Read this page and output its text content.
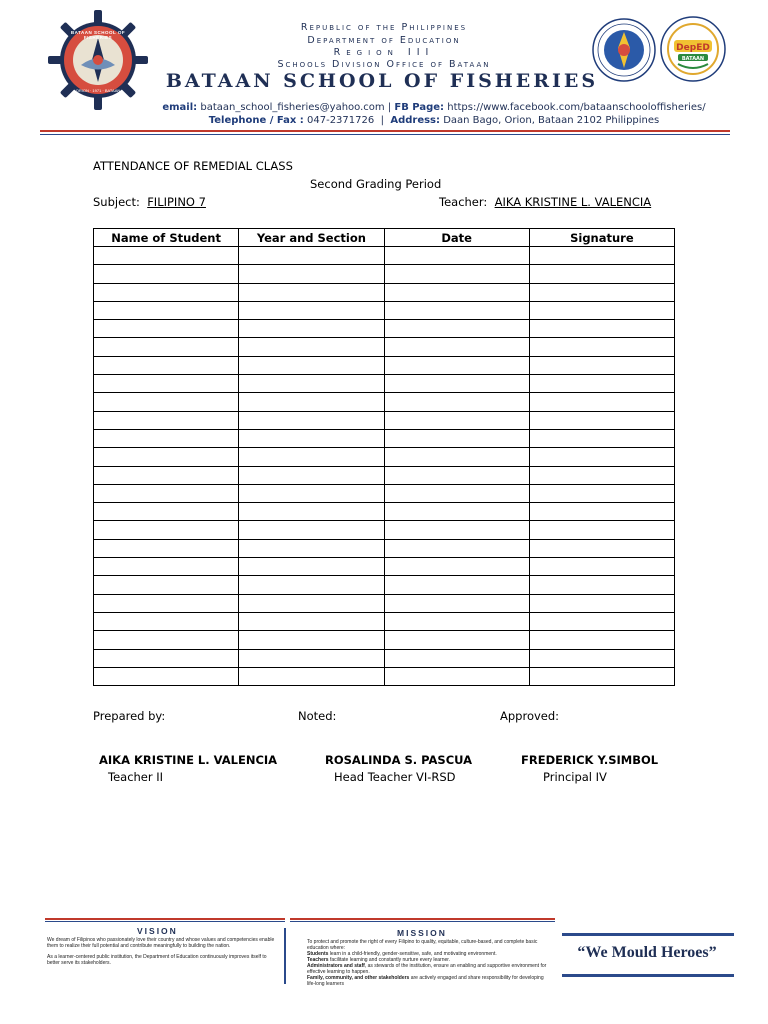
BATAAN SCHOOL OF FISHERIES
ORION · 1971 · BATAAN
DepED
BATAAN
Republic of the Philippines
Department of Education
Region III
Schools Division Office of Bataan
BATAAN SCHOOL OF FISHERIES
email: bataan_school_fisheries@yahoo.com | FB Page: https://www.facebook.com/bataanschooloffisheries/
Telephone / Fax : 047-2371726  |  Address: Daan Bago, Orion, Bataan 2102 Philippines
ATTENDANCE OF REMEDIAL CLASS
Second Grading Period
Subject: FILIPINO 7	Teacher: AIKA KRISTINE L. VALENCIA
Name of Student	Year and Section	Date	Signature

Prepared by:	Noted:	Approved:
AIKA KRISTINE L. VALENCIA
Teacher II
ROSALINDA S. PASCUA
Head Teacher VI-RSD
FREDERICK Y.SIMBOL
Principal IV
VISION
We dream of Filipinos who passionately love their country and whose values and competencies enable them to realize their full potential and contribute meaningfully to building the nation.
As a learner-centered public institution, the Department of Education continuously improves itself to better serve its stakeholders.
MISSION
To protect and promote the right of every Filipino to quality, equitable, culture-based, and complete basic education where:
Students learn in a child-friendly, gender-sensitive, safe, and motivating environment.
Teachers facilitate learning and constantly nurture every learner.
Administrators and staff, as stewards of the institution, ensure an enabling and supportive environment for effective learning to happen.
Family, community, and other stakeholders are actively engaged and share responsibility for developing life-long learners
“We Mould Heroes”
